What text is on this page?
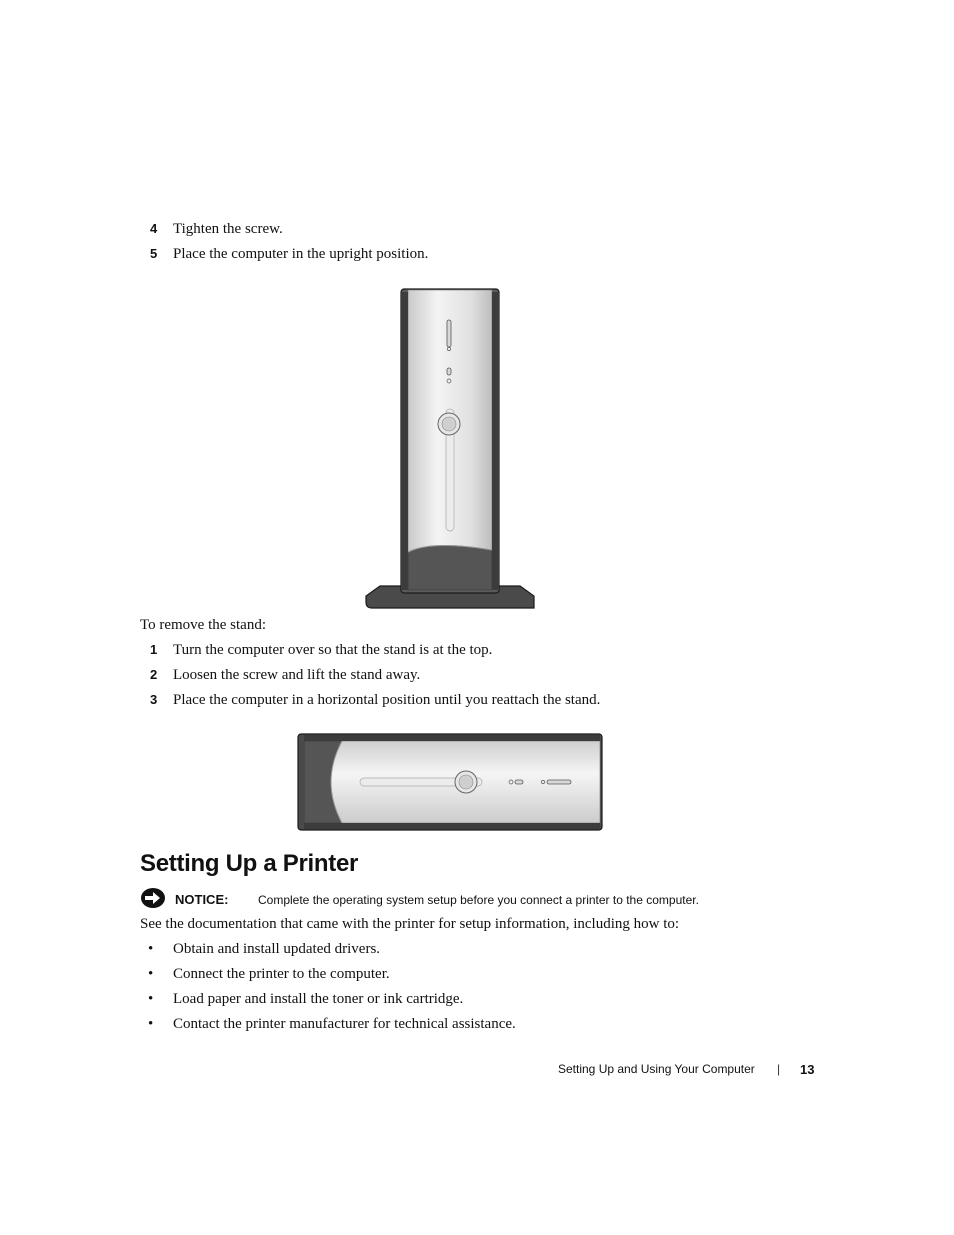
4 Tighten the screw.
5 Place the computer in the upright position.
To remove the stand:
1 Turn the computer over so that the stand is at the top.
2 Loosen the screw and lift the stand away.
3 Place the computer in a horizontal position until you reattach the stand.
Setting Up a Printer
NOTICE: Complete the operating system setup before you connect a printer to the computer.
See the documentation that came with the printer for setup information, including how to:
• Obtain and install updated drivers.
• Connect the printer to the computer.
• Load paper and install the toner or ink cartridge.
• Contact the printer manufacturer for technical assistance.
Setting Up and Using Your Computer | 13
